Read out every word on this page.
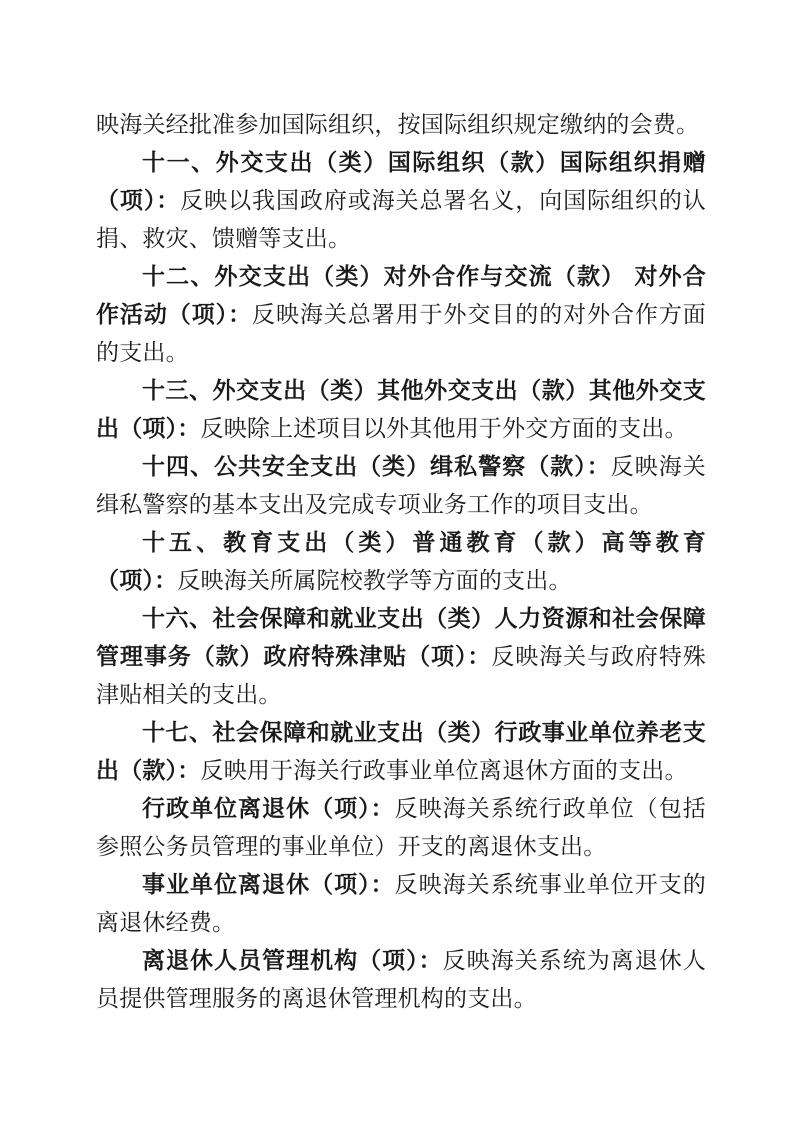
映海关经批准参加国际组织，按国际组织规定缴纳的会费。

十一、外交支出（类）国际组织（款）国际组织捐赠（项）：反映以我国政府或海关总署名义，向国际组织的认捐、救灾、馈赠等支出。

十二、外交支出（类）对外合作与交流（款） 对外合作活动（项）：反映海关总署用于外交目的的对外合作方面的支出。

十三、外交支出（类）其他外交支出（款）其他外交支出（项）：反映除上述项目以外其他用于外交方面的支出。

十四、公共安全支出（类）缉私警察（款）：反映海关缉私警察的基本支出及完成专项业务工作的项目支出。

十五、教育支出（类）普通教育（款）高等教育（项）：反映海关所属院校教学等方面的支出。

十六、社会保障和就业支出（类）人力资源和社会保障管理事务（款）政府特殊津贴（项）：反映海关与政府特殊津贴相关的支出。

十七、社会保障和就业支出（类）行政事业单位养老支出（款）：反映用于海关行政事业单位离退休方面的支出。

行政单位离退休（项）：反映海关系统行政单位（包括参照公务员管理的事业单位）开支的离退休支出。

事业单位离退休（项）：反映海关系统事业单位开支的离退休经费。

离退休人员管理机构（项）：反映海关系统为离退休人员提供管理服务的离退休管理机构的支出。
